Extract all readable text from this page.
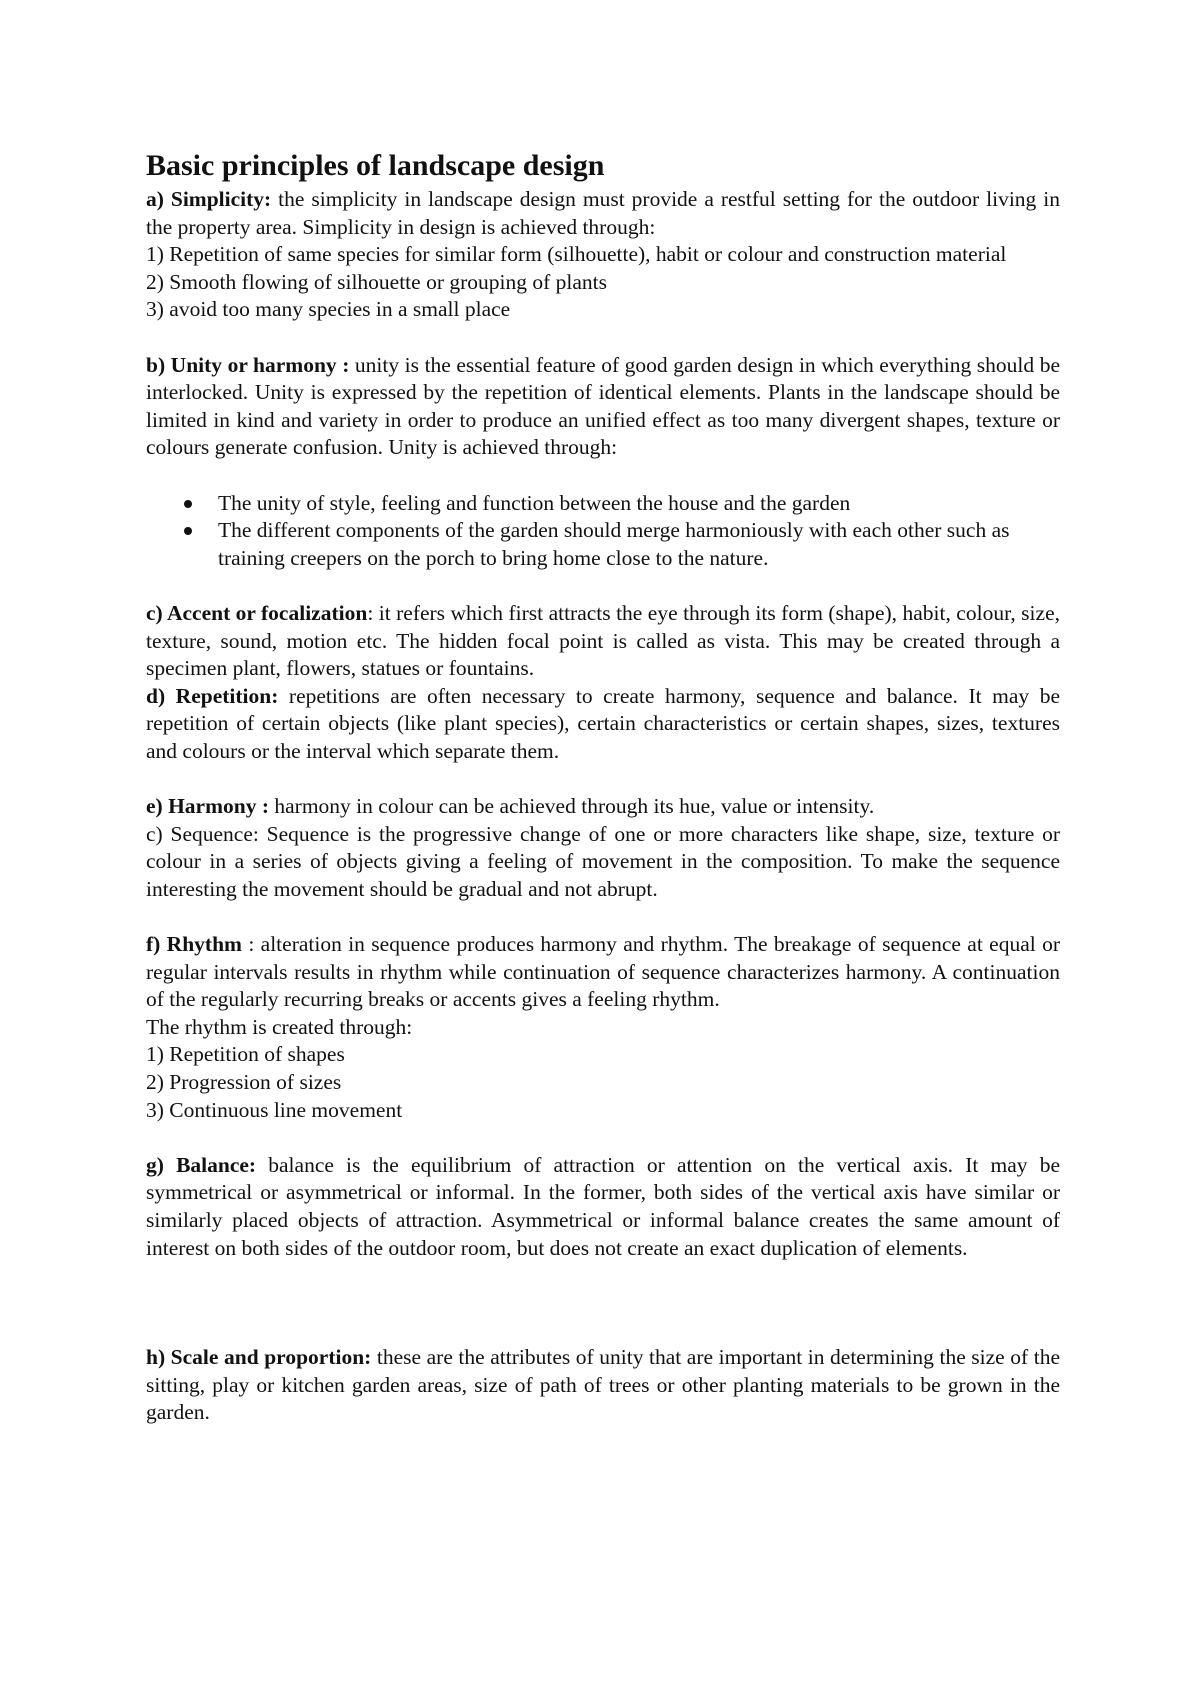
Basic principles of landscape design

a) Simplicity: the simplicity in landscape design must provide a restful setting for the outdoor living in the property area. Simplicity in design is achieved through:

1) Repetition of same species for similar form (silhouette), habit or colour and construction material
2) Smooth flowing of silhouette or grouping of plants
3) avoid too many species in a small place

b) Unity or harmony : unity is the essential feature of good garden design in which everything should be interlocked. Unity is expressed by the repetition of identical elements. Plants in the landscape should be limited in kind and variety in order to produce an unified effect as too many divergent shapes, texture or colours generate confusion. Unity is achieved through:

The unity of style, feeling and function between the house and the garden
The different components of the garden should merge harmoniously with each other such as training creepers on the porch to bring home close to the nature.

c) Accent or focalization: it refers which first attracts the eye through its form (shape), habit, colour, size, texture, sound, motion etc. The hidden focal point is called as vista. This may be created through a specimen plant, flowers, statues or fountains.

d) Repetition: repetitions are often necessary to create harmony, sequence and balance. It may be repetition of certain objects (like plant species), certain characteristics or certain shapes, sizes, textures and colours or the interval which separate them.

e) Harmony : harmony in colour can be achieved through its hue, value or intensity.

c) Sequence: Sequence is the progressive change of one or more characters like shape, size, texture or colour in a series of objects giving a feeling of movement in the composition. To make the sequence interesting the movement should be gradual and not abrupt.

f) Rhythm : alteration in sequence produces harmony and rhythm. The breakage of sequence at equal or regular intervals results in rhythm while continuation of sequence characterizes harmony. A continuation of the regularly recurring breaks or accents gives a feeling rhythm.

The rhythm is created through:
1) Repetition of shapes
2) Progression of sizes
3) Continuous line movement

g) Balance: balance is the equilibrium of attraction or attention on the vertical axis. It may be symmetrical or asymmetrical or informal. In the former, both sides of the vertical axis have similar or similarly placed objects of attraction. Asymmetrical or informal balance creates the same amount of interest on both sides of the outdoor room, but does not create an exact duplication of elements.

h) Scale and proportion: these are the attributes of unity that are important in determining the size of the sitting, play or kitchen garden areas, size of path of trees or other planting materials to be grown in the garden.
